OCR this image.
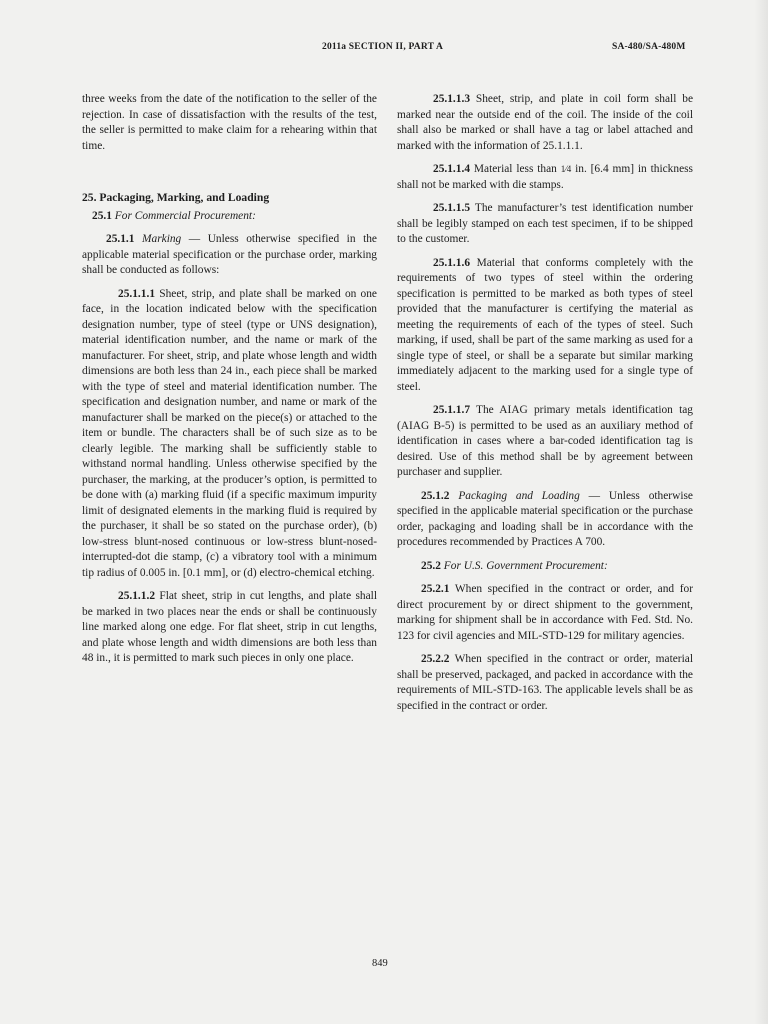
2011a SECTION II, PART A	SA-480/SA-480M

three weeks from the date of the notification to the seller of the rejection. In case of dissatisfaction with the results of the test, the seller is permitted to make claim for a rehearing within that time.

25. Packaging, Marking, and Loading
25.1 For Commercial Procurement:

25.1.1 Marking — Unless otherwise specified in the applicable material specification or the purchase order, marking shall be conducted as follows:

25.1.1.1 Sheet, strip, and plate shall be marked on one face, in the location indicated below with the specification designation number, type of steel (type or UNS designation), material identification number, and the name or mark of the manufacturer. For sheet, strip, and plate whose length and width dimensions are both less than 24 in., each piece shall be marked with the type of steel and material identification number. The specification and designation number, and name or mark of the manufacturer shall be marked on the piece(s) or attached to the item or bundle. The characters shall be of such size as to be clearly legible. The marking shall be sufficiently stable to withstand normal handling. Unless otherwise specified by the purchaser, the marking, at the producer’s option, is permitted to be done with (a) marking fluid (if a specific maximum impurity limit of designated elements in the marking fluid is required by the purchaser, it shall be so stated on the purchase order), (b) low-stress blunt-nosed continuous or low-stress blunt-nosed-interrupted-dot die stamp, (c) a vibratory tool with a minimum tip radius of 0.005 in. [0.1 mm], or (d) electro-chemical etching.

25.1.1.2 Flat sheet, strip in cut lengths, and plate shall be marked in two places near the ends or shall be continuously line marked along one edge. For flat sheet, strip in cut lengths, and plate whose length and width dimensions are both less than 48 in., it is permitted to mark such pieces in only one place.

25.1.1.3 Sheet, strip, and plate in coil form shall be marked near the outside end of the coil. The inside of the coil shall also be marked or shall have a tag or label attached and marked with the information of 25.1.1.1.

25.1.1.4 Material less than 1⁄4 in. [6.4 mm] in thickness shall not be marked with die stamps.

25.1.1.5 The manufacturer’s test identification number shall be legibly stamped on each test specimen, if to be shipped to the customer.

25.1.1.6 Material that conforms completely with the requirements of two types of steel within the ordering specification is permitted to be marked as both types of steel provided that the manufacturer is certifying the material as meeting the requirements of each of the types of steel. Such marking, if used, shall be part of the same marking as used for a single type of steel, or shall be a separate but similar marking immediately adjacent to the marking used for a single type of steel.

25.1.1.7 The AIAG primary metals identification tag (AIAG B-5) is permitted to be used as an auxiliary method of identification in cases where a bar-coded identification tag is desired. Use of this method shall be by agreement between purchaser and supplier.

25.1.2 Packaging and Loading — Unless otherwise specified in the applicable material specification or the purchase order, packaging and loading shall be in accordance with the procedures recommended by Practices A 700.

25.2 For U.S. Government Procurement:

25.2.1 When specified in the contract or order, and for direct procurement by or direct shipment to the government, marking for shipment shall be in accordance with Fed. Std. No. 123 for civil agencies and MIL-STD-129 for military agencies.

25.2.2 When specified in the contract or order, material shall be preserved, packaged, and packed in accordance with the requirements of MIL-STD-163. The applicable levels shall be as specified in the contract or order.

849
